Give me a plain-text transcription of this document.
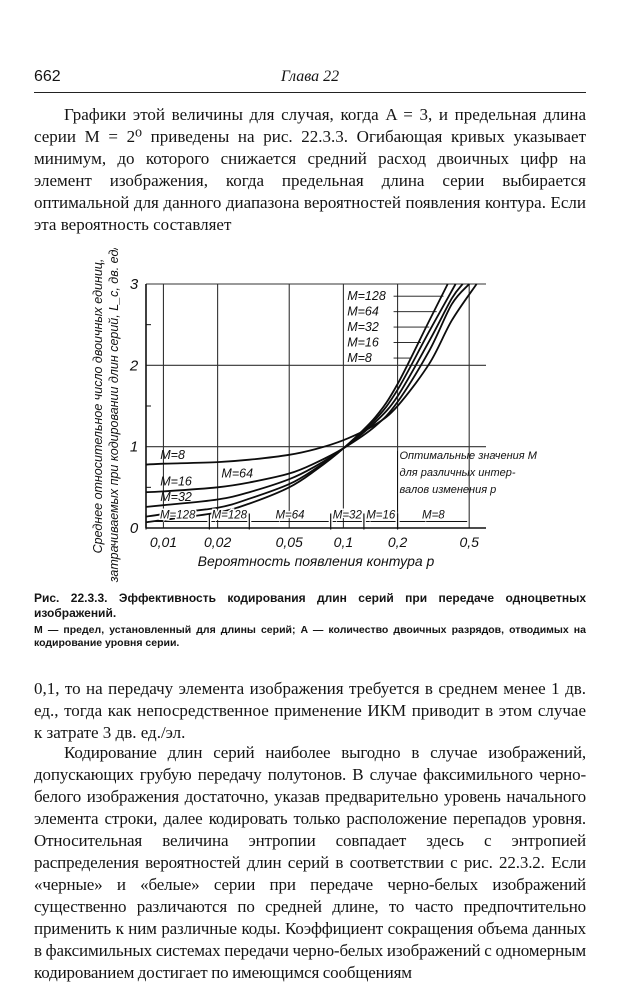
662	Глава 22

Графики этой величины для случая, когда A = 3, и предельная длина серии M = 2⁰ приведены на рис. 22.3.3. Огибающая кривых указывает минимум, до которого снижается средний расход двоичных цифр на элемент изображения, когда предельная длина серии выбирается оптимальной для данного диапазона вероятностей появления контура. Если эта вероятность составляет

M=128 M=128 M=64 M=32 M=16 M=8
0,01 0,02	0,05 0,1 0,2	0,5
0
1
2
3
M=8
M=16
M=32
M=64
M=128
M=64
M=32
M=16
M=8
Оптимальные значения M
для различных интер-
валов изменения p
Вероятность появления контура p
Среднее относительное число двоичных единиц, затрачиваемых при кодировании длин серий, L_c, дв. ед/эл.

Рис. 22.3.3. Эффективность кодирования длин серий при передаче одноцветных изображений.

M — предел, установленный для длины серий; A — количество двоичных разрядов, отводимых на кодирование уровня серии.

0,1, то на передачу элемента изображения требуется в среднем менее 1 дв. ед., тогда как непосредственное применение ИКМ приводит в этом случае к затрате 3 дв. ед./эл.

Кодирование длин серий наиболее выгодно в случае изображений, допускающих грубую передачу полутонов. В случае факсимильного черно-белого изображения достаточно, указав предварительно уровень начального элемента строки, далее кодировать только расположение перепадов уровня. Относительная величина энтропии совпадает здесь с энтропией распределения вероятностей длин серий в соответствии с рис. 22.3.2. Если «черные» и «белые» серии при передаче черно-белых изображений существенно различаются по средней длине, то часто предпочтительно применить к ним различные коды. Коэффициент сокращения объема данных в факсимильных системах передачи черно-белых изображений с одномерным кодированием достигает по имеющимся сообщениям
